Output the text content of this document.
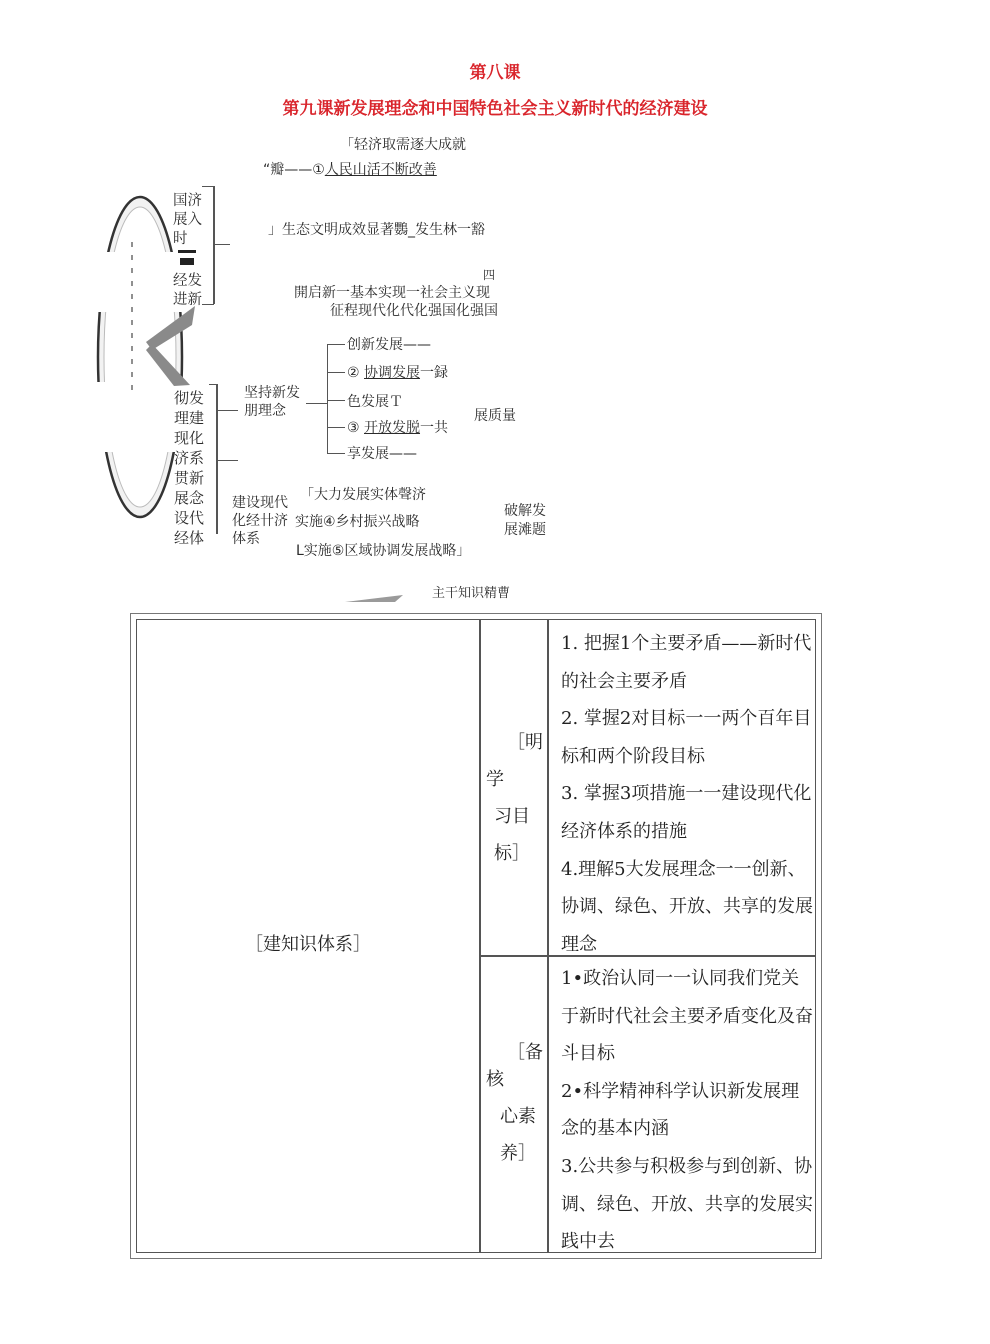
第八课
第九课新发展理念和中国特色社会主义新时代的经济建设
国济展入时
经发进新
「轻济取需逐大成就
“瓣——①人民山活不断改善
」生态文明成效显著鸚_发生林一豁
四
開启新一基本实现一社会主义现
征程现代化代化强国化强国
彻发理建现化济系贯新展念设代经体
坚持新发朋理念
创新发展——
② 协调发展一録
色发展Ｔ
③ 开放发脱一共
享发展——
展质量
建设现代化经卄济体系
「大力发展实体聲济
实施④乡村振兴战略
L实施⑤区域协调发展战略」
破解发展滩题
主干知识精曹
［建知识体系］
［明
学
习目
标］

1. 把握1个主要矛盾——新时代的社会主要矛盾

2. 掌握2对目标一一两个百年目标和两个阶段目标

3. 掌握3项措施一一建设现代化经济体系的措施

4.理解5大发展理念一一创新、协调、绿色、开放、共享的发展理念

［备
核
心素
养］

1•政治认同一一认同我们党关于新时代社会主要矛盾变化及奋斗目标

2•科学精神科学认识新发展理念的基本内涵

3.公共参与积极参与到创新、协调、绿色、开放、共享的发展实践中去
